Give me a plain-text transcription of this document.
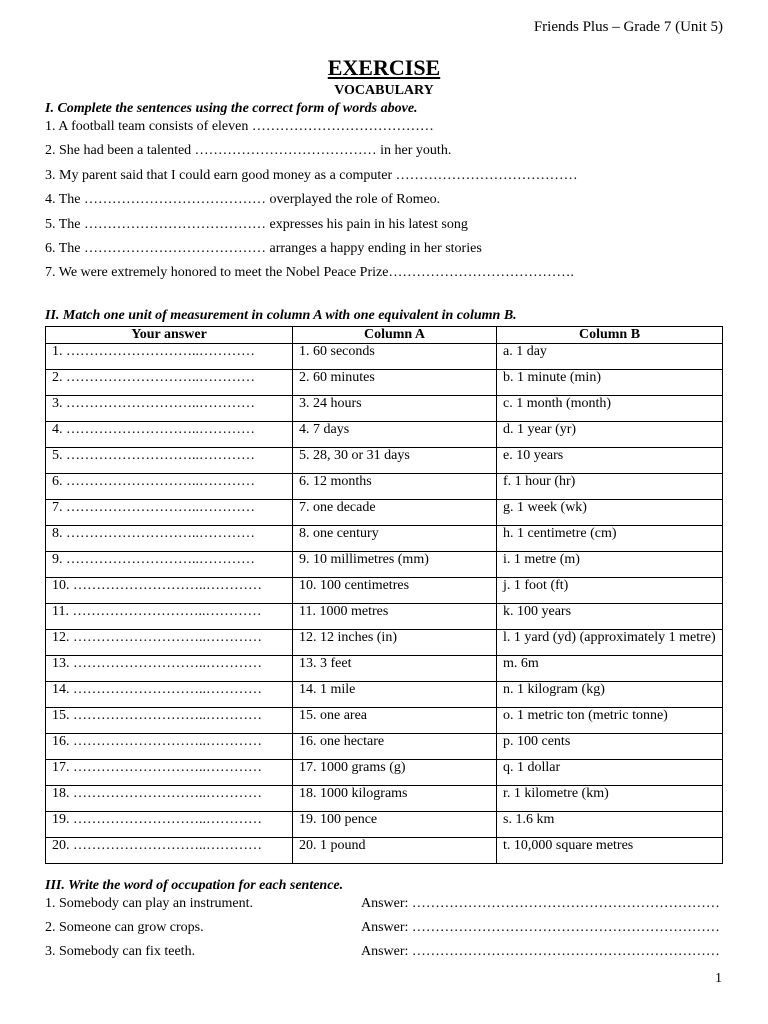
Friends Plus – Grade 7 (Unit 5)
EXERCISE
VOCABULARY
I. Complete the sentences using the correct form of words above.
1. A football team consists of eleven …………………………………
2. She had been a talented ………………………………… in her youth.
3. My parent said that I could earn good money as a computer …………………………………
4. The ………………………………… overplayed the role of Romeo.
5. The ………………………………… expresses his pain in his latest song
6. The ………………………………… arranges a happy ending in her stories
7. We were extremely honored to meet the Nobel Peace Prize………………………………….
II. Match one unit of measurement in column A with one equivalent in column B.
Your answer	Column A	Column B
1. ………………………..…………	1. 60 seconds	a. 1 day
2. ………………………..…………	2. 60 minutes	b. 1 minute (min)
3. ………………………..…………	3. 24 hours	c. 1 month (month)
4. ………………………..…………	4. 7 days	d. 1 year (yr)
5. ………………………..…………	5. 28, 30 or 31 days	e. 10 years
6. ………………………..…………	6. 12 months	f. 1 hour (hr)
7. ………………………..…………	7. one decade	g. 1 week (wk)
8. ………………………..…………	8. one century	h. 1 centimetre (cm)
9. ………………………..…………	9. 10 millimetres (mm)	i. 1 metre (m)
10. ………………………..…………	10. 100 centimetres	j. 1 foot (ft)
11. ………………………..…………	11. 1000 metres	k. 100 years
12. ………………………..…………	12. 12 inches (in)	l. 1 yard (yd) (approximately 1 metre)
13. ………………………..…………	13. 3 feet	m. 6m
14. ………………………..…………	14. 1 mile	n. 1 kilogram (kg)
15. ………………………..…………	15. one area	o. 1 metric ton (metric tonne)
16. ………………………..…………	16. one hectare	p. 100 cents
17. ………………………..…………	17. 1000 grams (g)	q. 1 dollar
18. ………………………..…………	18. 1000 kilograms	r. 1 kilometre (km)
19. ………………………..…………	19. 100 pence	s. 1.6 km
20. ………………………..…………	20. 1 pound	t. 10,000 square metres
III. Write the word of occupation for each sentence.
1. Somebody can play an instrument.	Answer: …………………………………………………………
2. Someone can grow crops.	Answer: …………………………………………………………
3. Somebody can fix teeth.	Answer: …………………………………………………………
1
